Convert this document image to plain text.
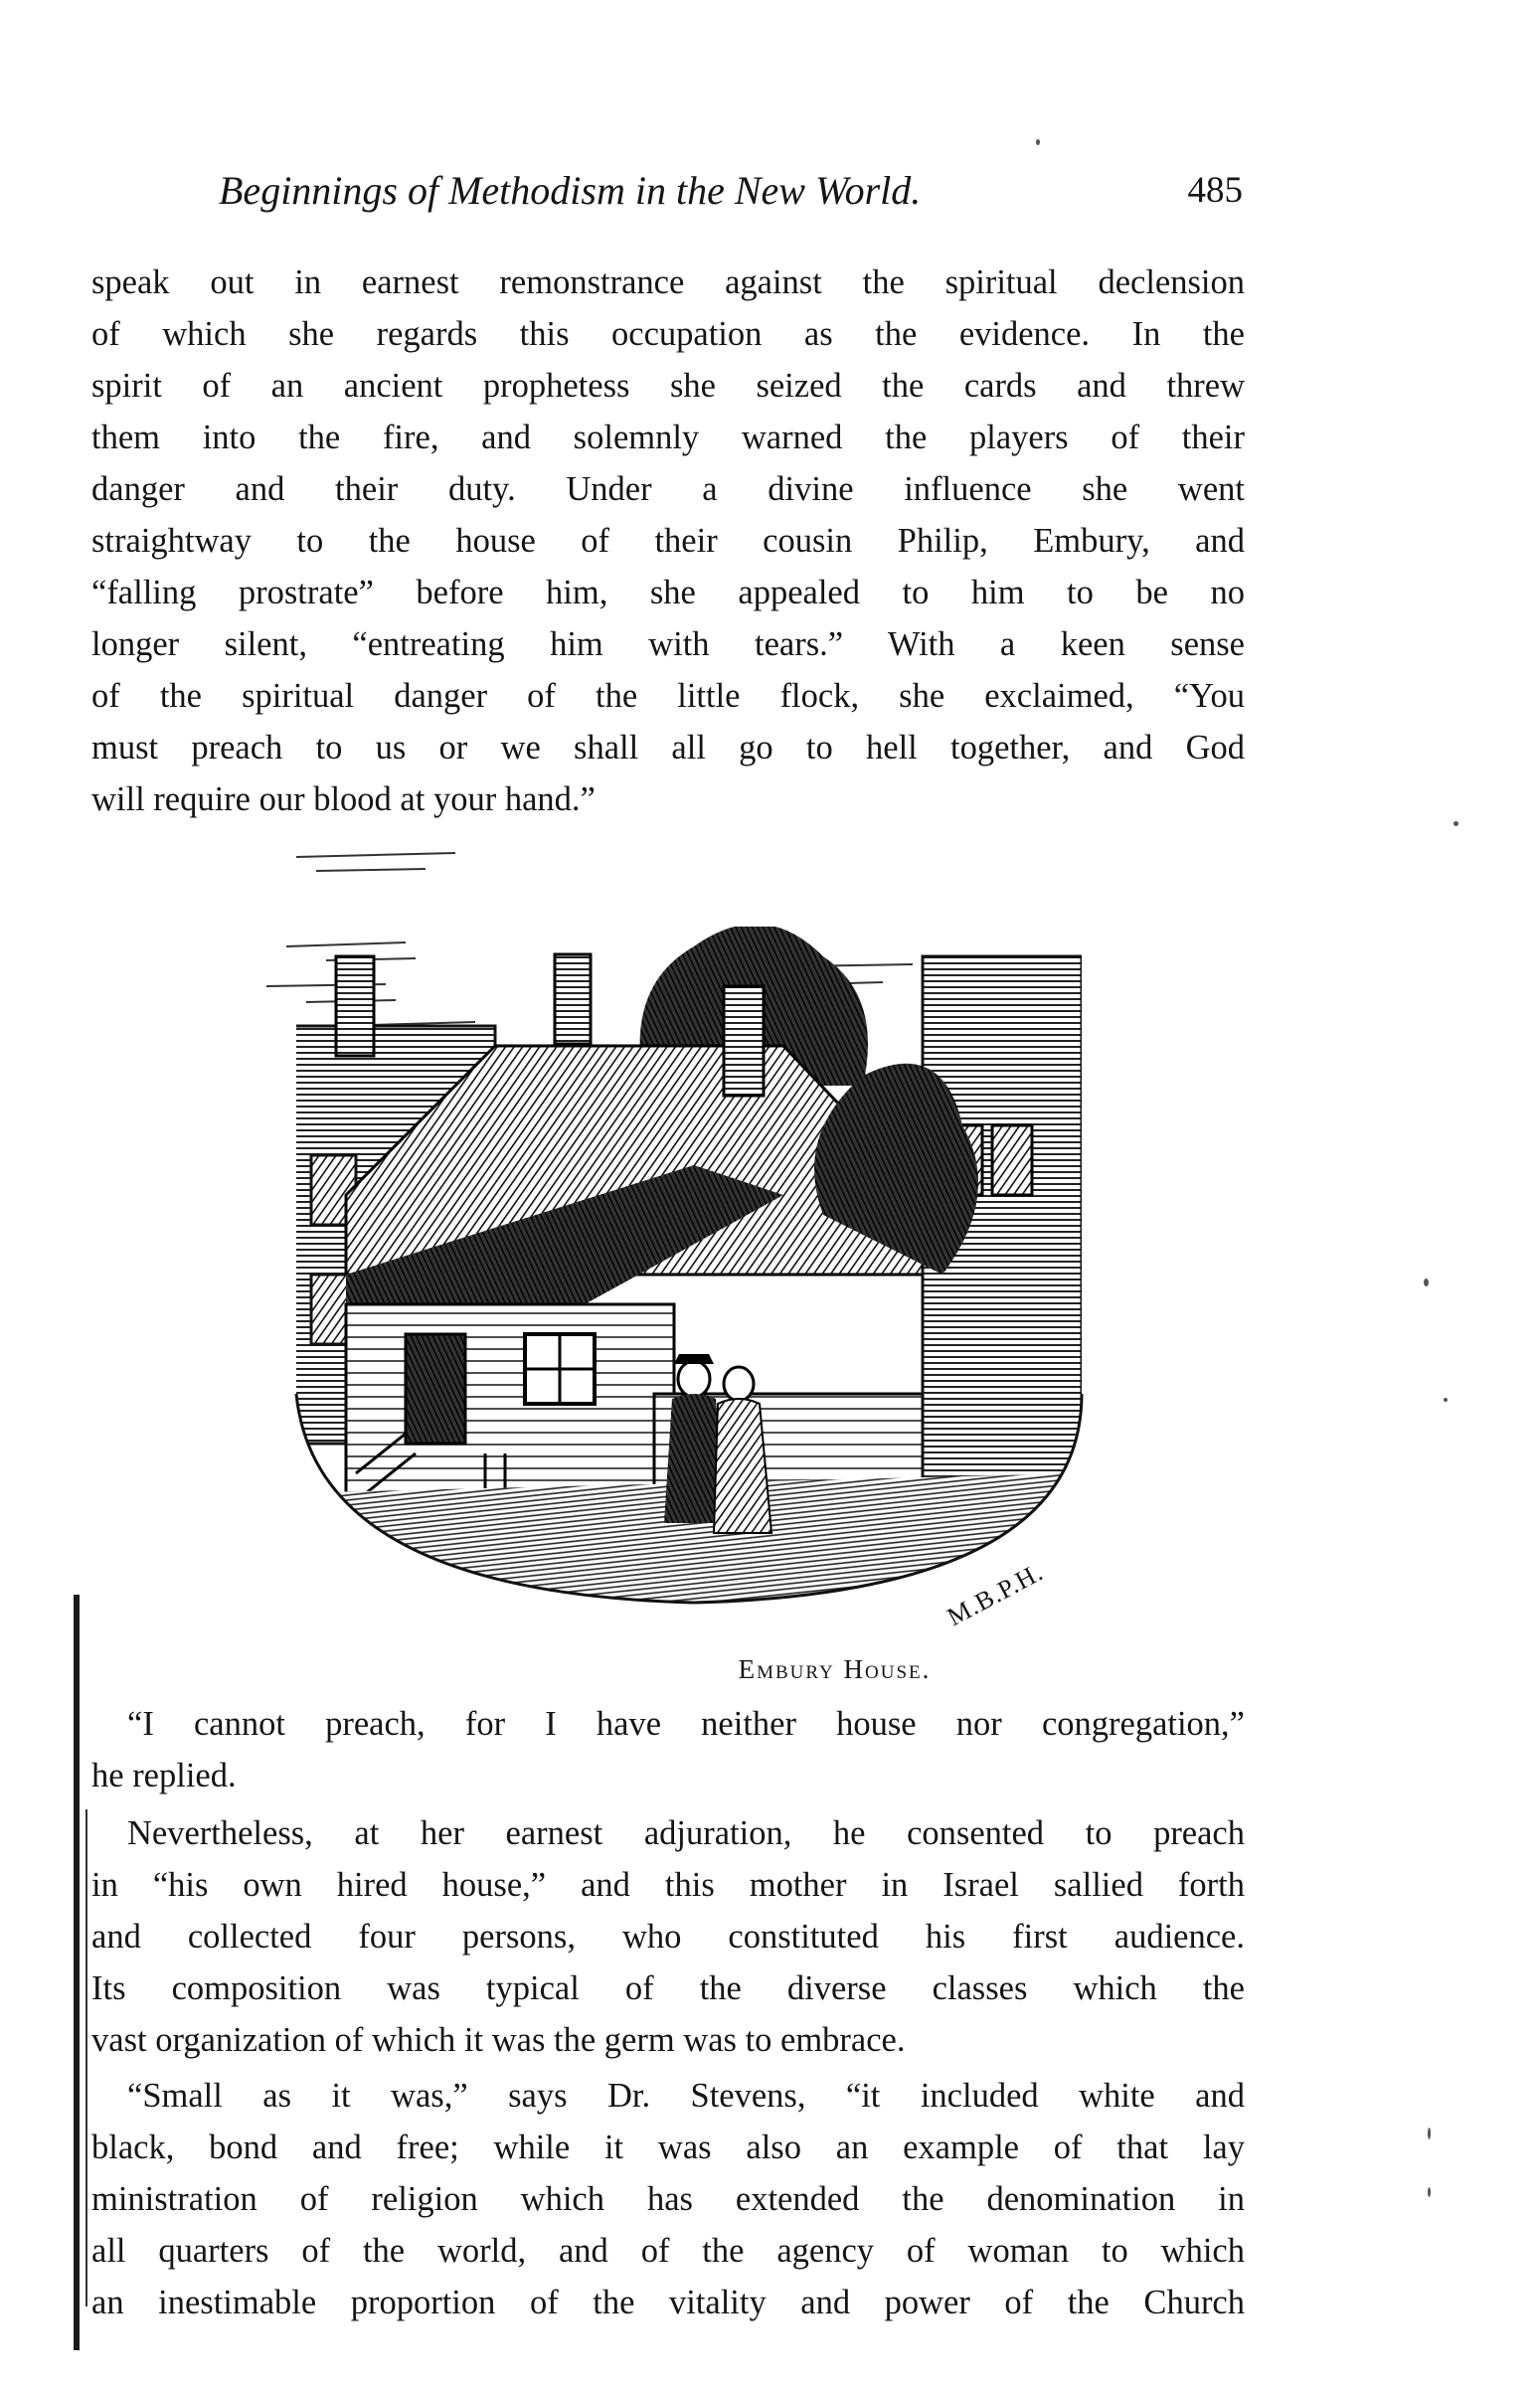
Beginnings of Methodism in the New World.	485
speak out in earnest remonstrance against the spiritual declension
of which she regards this occupation as the evidence. In the
spirit of an ancient prophetess she seized the cards and threw
them into the fire, and solemnly warned the players of their
danger and their duty. Under a divine influence she went
straightway to the house of their cousin Philip, Embury, and
“falling prostrate” before him, she appealed to him to be no
longer silent, “entreating him with tears.” With a keen sense
of the spiritual danger of the little flock, she exclaimed, “You
must preach to us or we shall all go to hell together, and God
will require our blood at your hand.”
M.B.P.H.
Embury House.
“I cannot preach, for I have neither house nor congregation,”
he replied.
Nevertheless, at her earnest adjuration, he consented to preach
in “his own hired house,” and this mother in Israel sallied forth
and collected four persons, who constituted his first audience.
Its composition was typical of the diverse classes which the
vast organization of which it was the germ was to embrace.
“Small as it was,” says Dr. Stevens, “it included white and
black, bond and free; while it was also an example of that lay
ministration of religion which has extended the denomination in
all quarters of the world, and of the agency of woman to which
an inestimable proportion of the vitality and power of the Church
